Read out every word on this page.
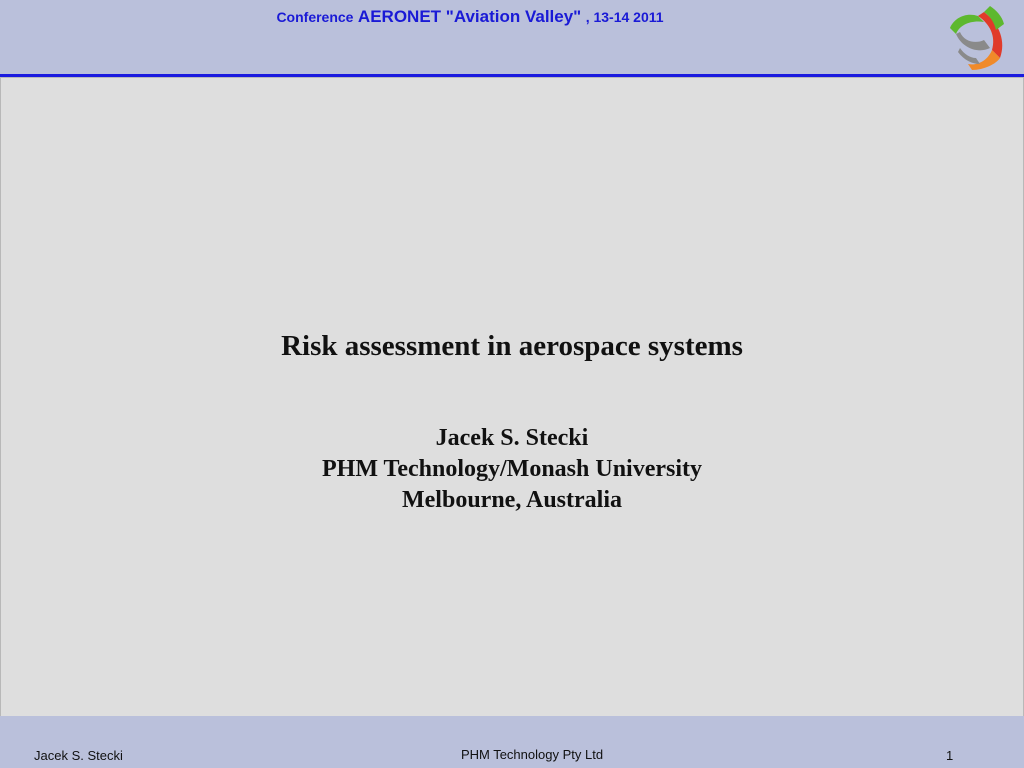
Conference AERONET "Aviation Valley" , 13-14 2011
Risk assessment in aerospace systems
Jacek S. Stecki
PHM Technology/Monash University
Melbourne, Australia
Jacek S. Stecki	PHM Technology Pty Ltd	1
